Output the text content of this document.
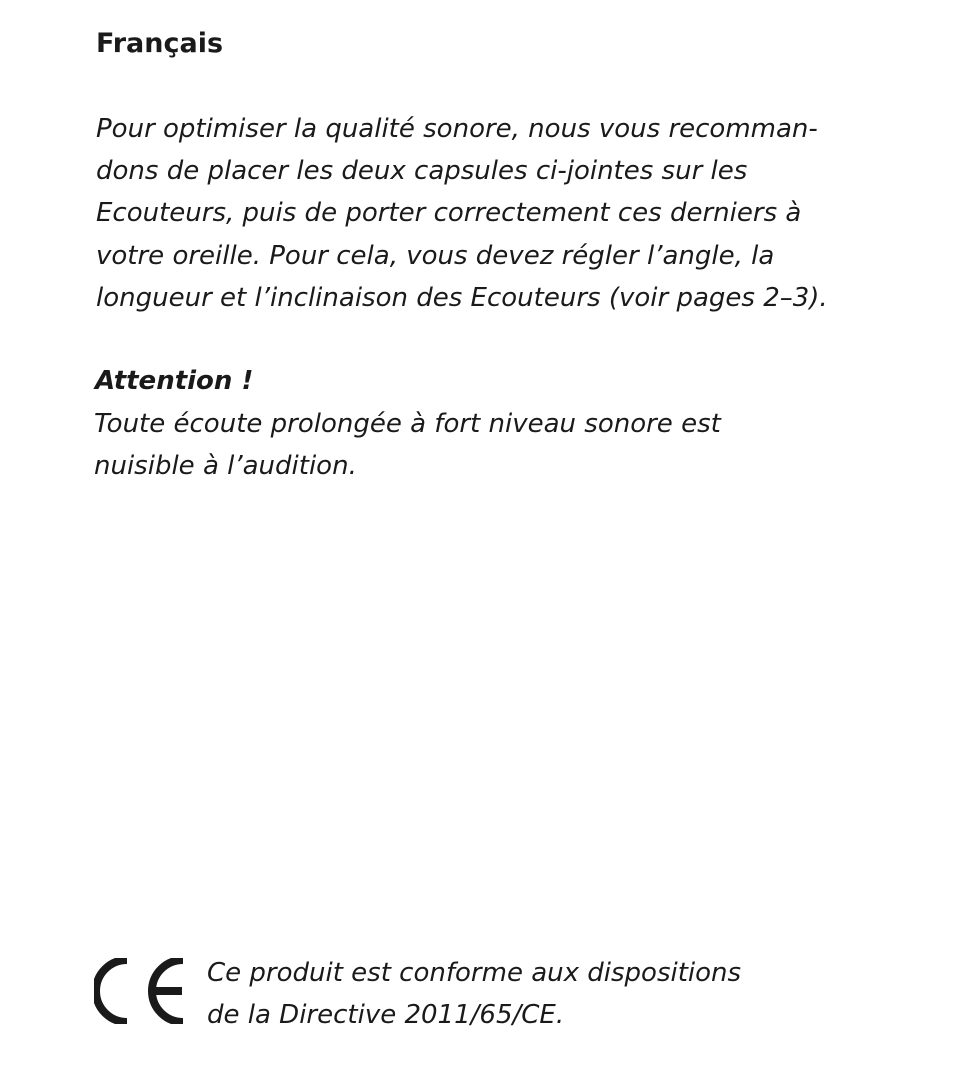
Français

Pour optimiser la qualité sonore, nous vous recomman-
dons de placer les deux capsules ci-jointes sur les
Ecouteurs, puis de porter correctement ces derniers à
votre oreille. Pour cela, vous devez régler l’angle, la
longueur et l’inclinaison des Ecouteurs (voir pages 2–3).

Attention !

Toute écoute prolongée à fort niveau sonore est
nuisible à l’audition.

Ce produit est conforme aux dispositions
de la Directive 2011/65/CE.
